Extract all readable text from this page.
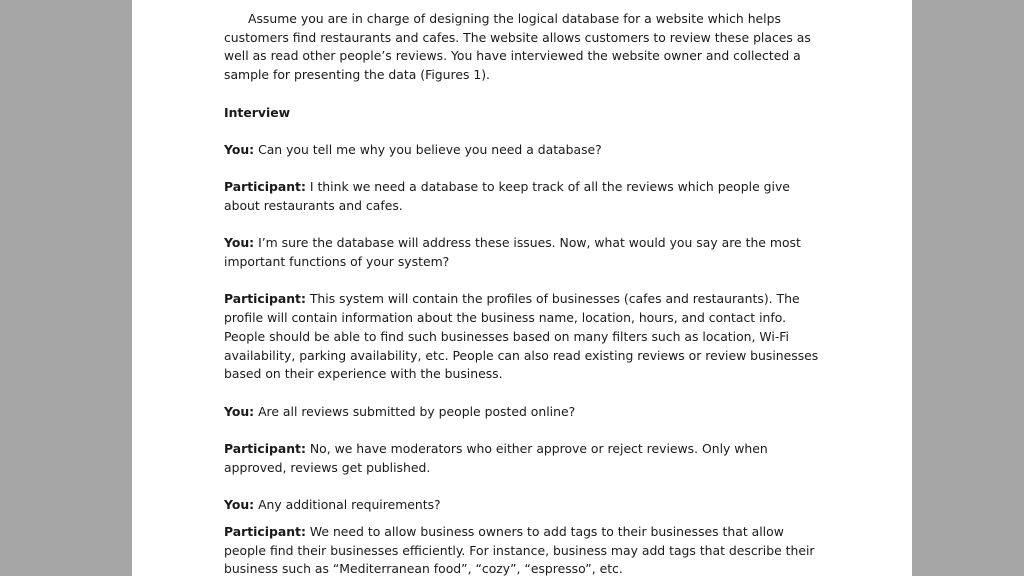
Assume you are in charge of designing the logical database for a website which helps customers find restaurants and cafes. The website allows customers to review these places as well as read other people’s reviews. You have interviewed the website owner and collected a sample for presenting the data (Figures 1).

Interview

You: Can you tell me why you believe you need a database?

Participant: I think we need a database to keep track of all the reviews which people give about restaurants and cafes.

You: I’m sure the database will address these issues. Now, what would you say are the most important functions of your system?

Participant: This system will contain the profiles of businesses (cafes and restaurants). The profile will contain information about the business name, location, hours, and contact info. People should be able to find such businesses based on many filters such as location, Wi-Fi availability, parking availability, etc. People can also read existing reviews or review businesses based on their experience with the business.

You: Are all reviews submitted by people posted online?

Participant: No, we have moderators who either approve or reject reviews. Only when approved, reviews get published.

You: Any additional requirements?

Participant: We need to allow business owners to add tags to their businesses that allow people find their businesses efficiently. For instance, business may add tags that describe their business such as “Mediterranean food”, “cozy”, “espresso”, etc.
